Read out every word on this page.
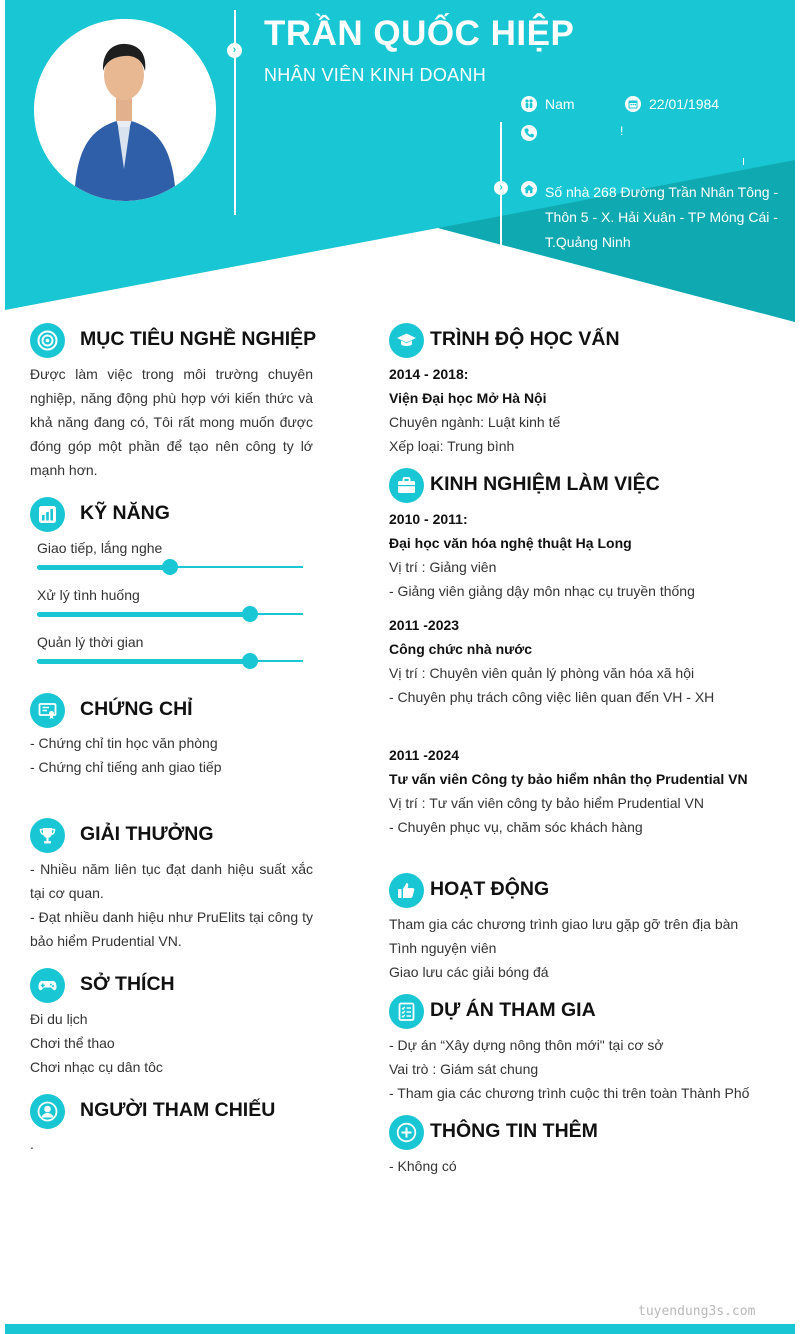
› TRẦN QUỐC HIỆP
NHÂN VIÊN KINH DOANH
›
Nam	22/01/1984
!
Số nhà 268 Đường Trần Nhân Tông - Thôn 5 - X. Hải Xuân - TP Móng Cái - T.Quảng Ninh
MỤC TIÊU NGHỀ NGHIỆP
Được làm việc trong môi trường chuyên nghiệp, năng động phù hợp với kiến thức và khả năng đang có, Tôi rất mong muốn được đóng góp một phần để tạo nên công ty lớ mạnh hơn.
KỸ NĂNG
Giao tiếp, lắng nghe
Xử lý tình huống
Quản lý thời gian
CHỨNG CHỈ
- Chứng chỉ tin học văn phòng
- Chứng chỉ tiếng anh giao tiếp
GIẢI THƯỞNG
- Nhiều năm liên tục đạt danh hiệu suất xắc tại cơ quan.
- Đạt nhiều danh hiệu như PruElits tại công ty bảo hiểm Prudential VN.
SỞ THÍCH
Đi du lịch
Chơi thể thao
Chơi nhạc cụ dân tôc
NGƯỜI THAM CHIẾU
.
TRÌNH ĐỘ HỌC VẤN
2014 - 2018:
Viện Đại học Mở Hà Nội
Chuyên ngành: Luật kinh tế
Xếp loại: Trung bình
KINH NGHIỆM LÀM VIỆC
2010 - 2011:
Đại học văn hóa nghệ thuật Hạ Long
Vị trí : Giảng viên
- Giảng viên giảng dậy môn nhạc cụ truyền thống
2011 -2023
Công chức nhà nước
Vị trí : Chuyên viên quản lý phòng văn hóa xã hội
- Chuyên phụ trách công việc liên quan đến VH - XH
2011 -2024
Tư vấn viên Công ty bảo hiểm nhân thọ Prudential VN
Vị trí : Tư vấn viên công ty bảo hiểm Prudential VN
- Chuyên phục vụ, chăm sóc khách hàng
HOẠT ĐỘNG
Tham gia các chương trình giao lưu gặp gỡ trên địa bàn
Tình nguyện viên
Giao lưu các giải bóng đá
DỰ ÁN THAM GIA
- Dự án “Xây dựng nông thôn mới" tại cơ sở
Vai trò : Giám sát chung
- Tham gia các chương trình cuộc thi trên toàn Thành Phố
THÔNG TIN THÊM
- Không có
tuyendung3s.com
